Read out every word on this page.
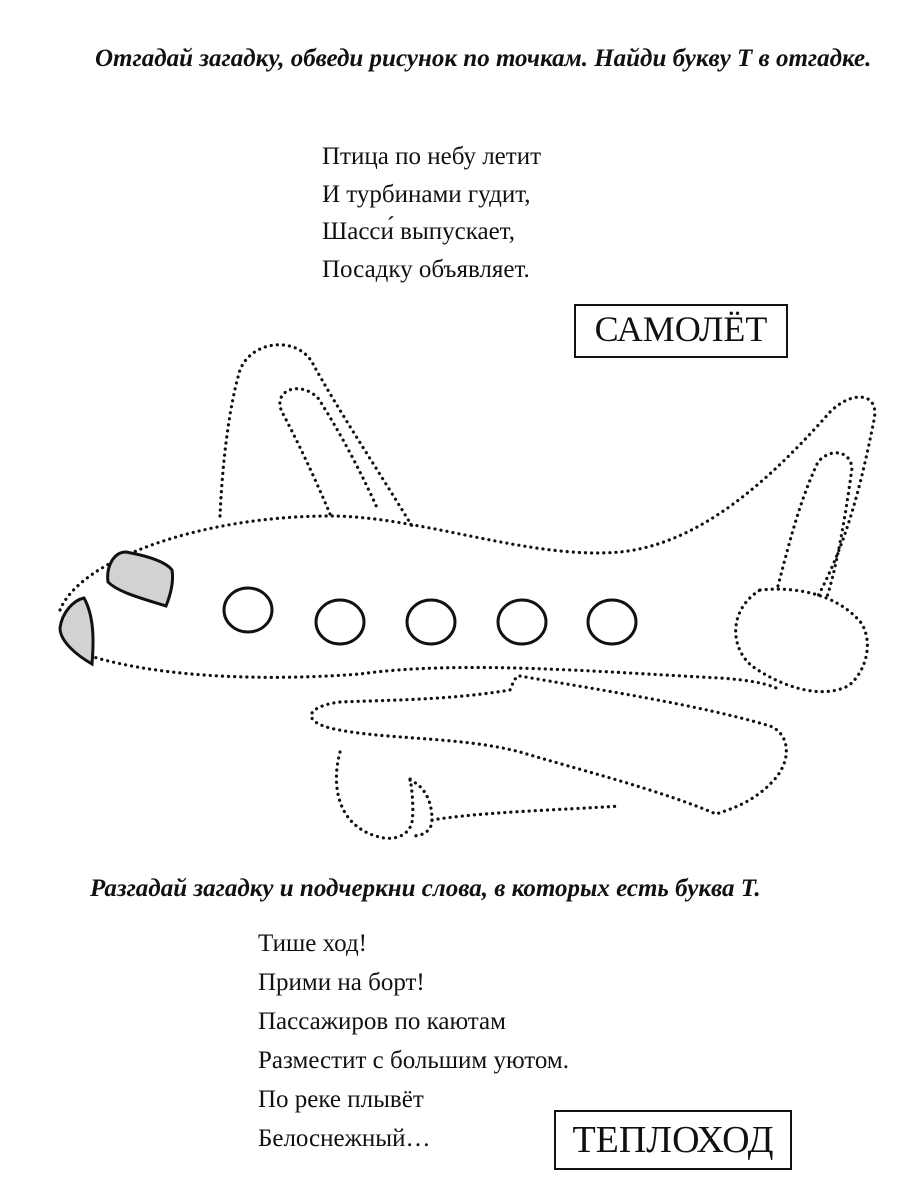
Отгадай загадку, обведи рисунок по точкам. Найди букву Т в отгадке.

Птица по небу летит
И турбинами гудит,
Шасси́ выпускает,
Посадку объявляет.
САМОЛЁТ

Разгадай загадку и подчеркни слова, в которых есть буква Т.

Тише ход!
Прими на борт!
Пассажиров по каютам
Разместит с большим уютом.
По реке плывёт
Белоснежный…	ТЕПЛОХОД
